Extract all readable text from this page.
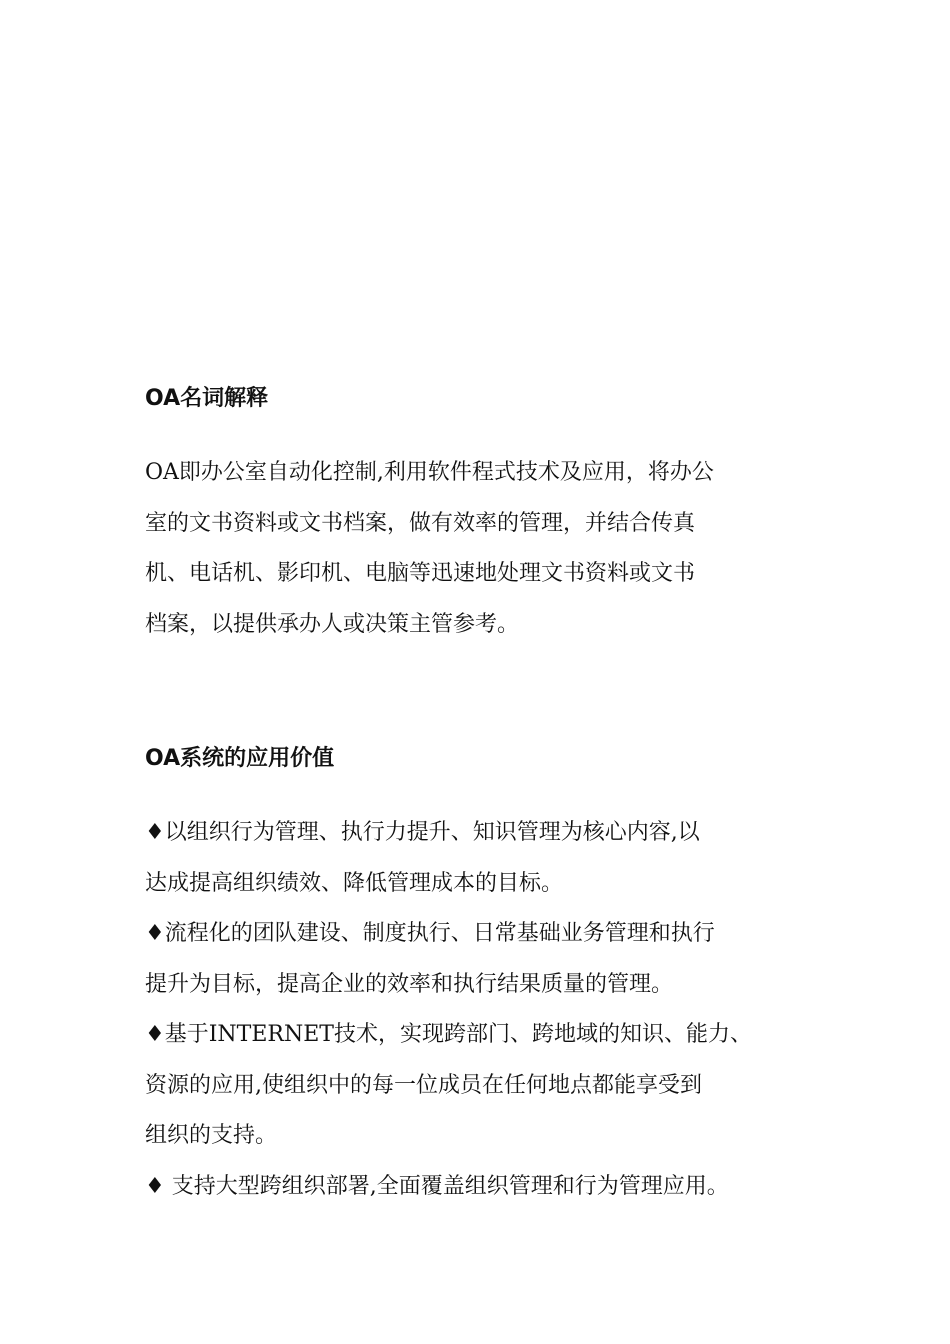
OA名词解释

OA即办公室自动化控制,利用软件程式技术及应用，将办公
室的文书资料或文书档案，做有效率的管理，并结合传真
机、电话机、影印机、电脑等迅速地处理文书资料或文书
档案，以提供承办人或决策主管参考。

OA系统的应用价值

♦以组织行为管理、执行力提升、知识管理为核心内容,以
达成提高组织绩效、降低管理成本的目标。
♦流程化的团队建设、制度执行、日常基础业务管理和执行
提升为目标，提高企业的效率和执行结果质量的管理。
♦基于INTERNET技术，实现跨部门、跨地域的知识、能力、
资源的应用,使组织中的每一位成员在任何地点都能享受到
组织的支持。
♦ 支持大型跨组织部署,全面覆盖组织管理和行为管理应用。
